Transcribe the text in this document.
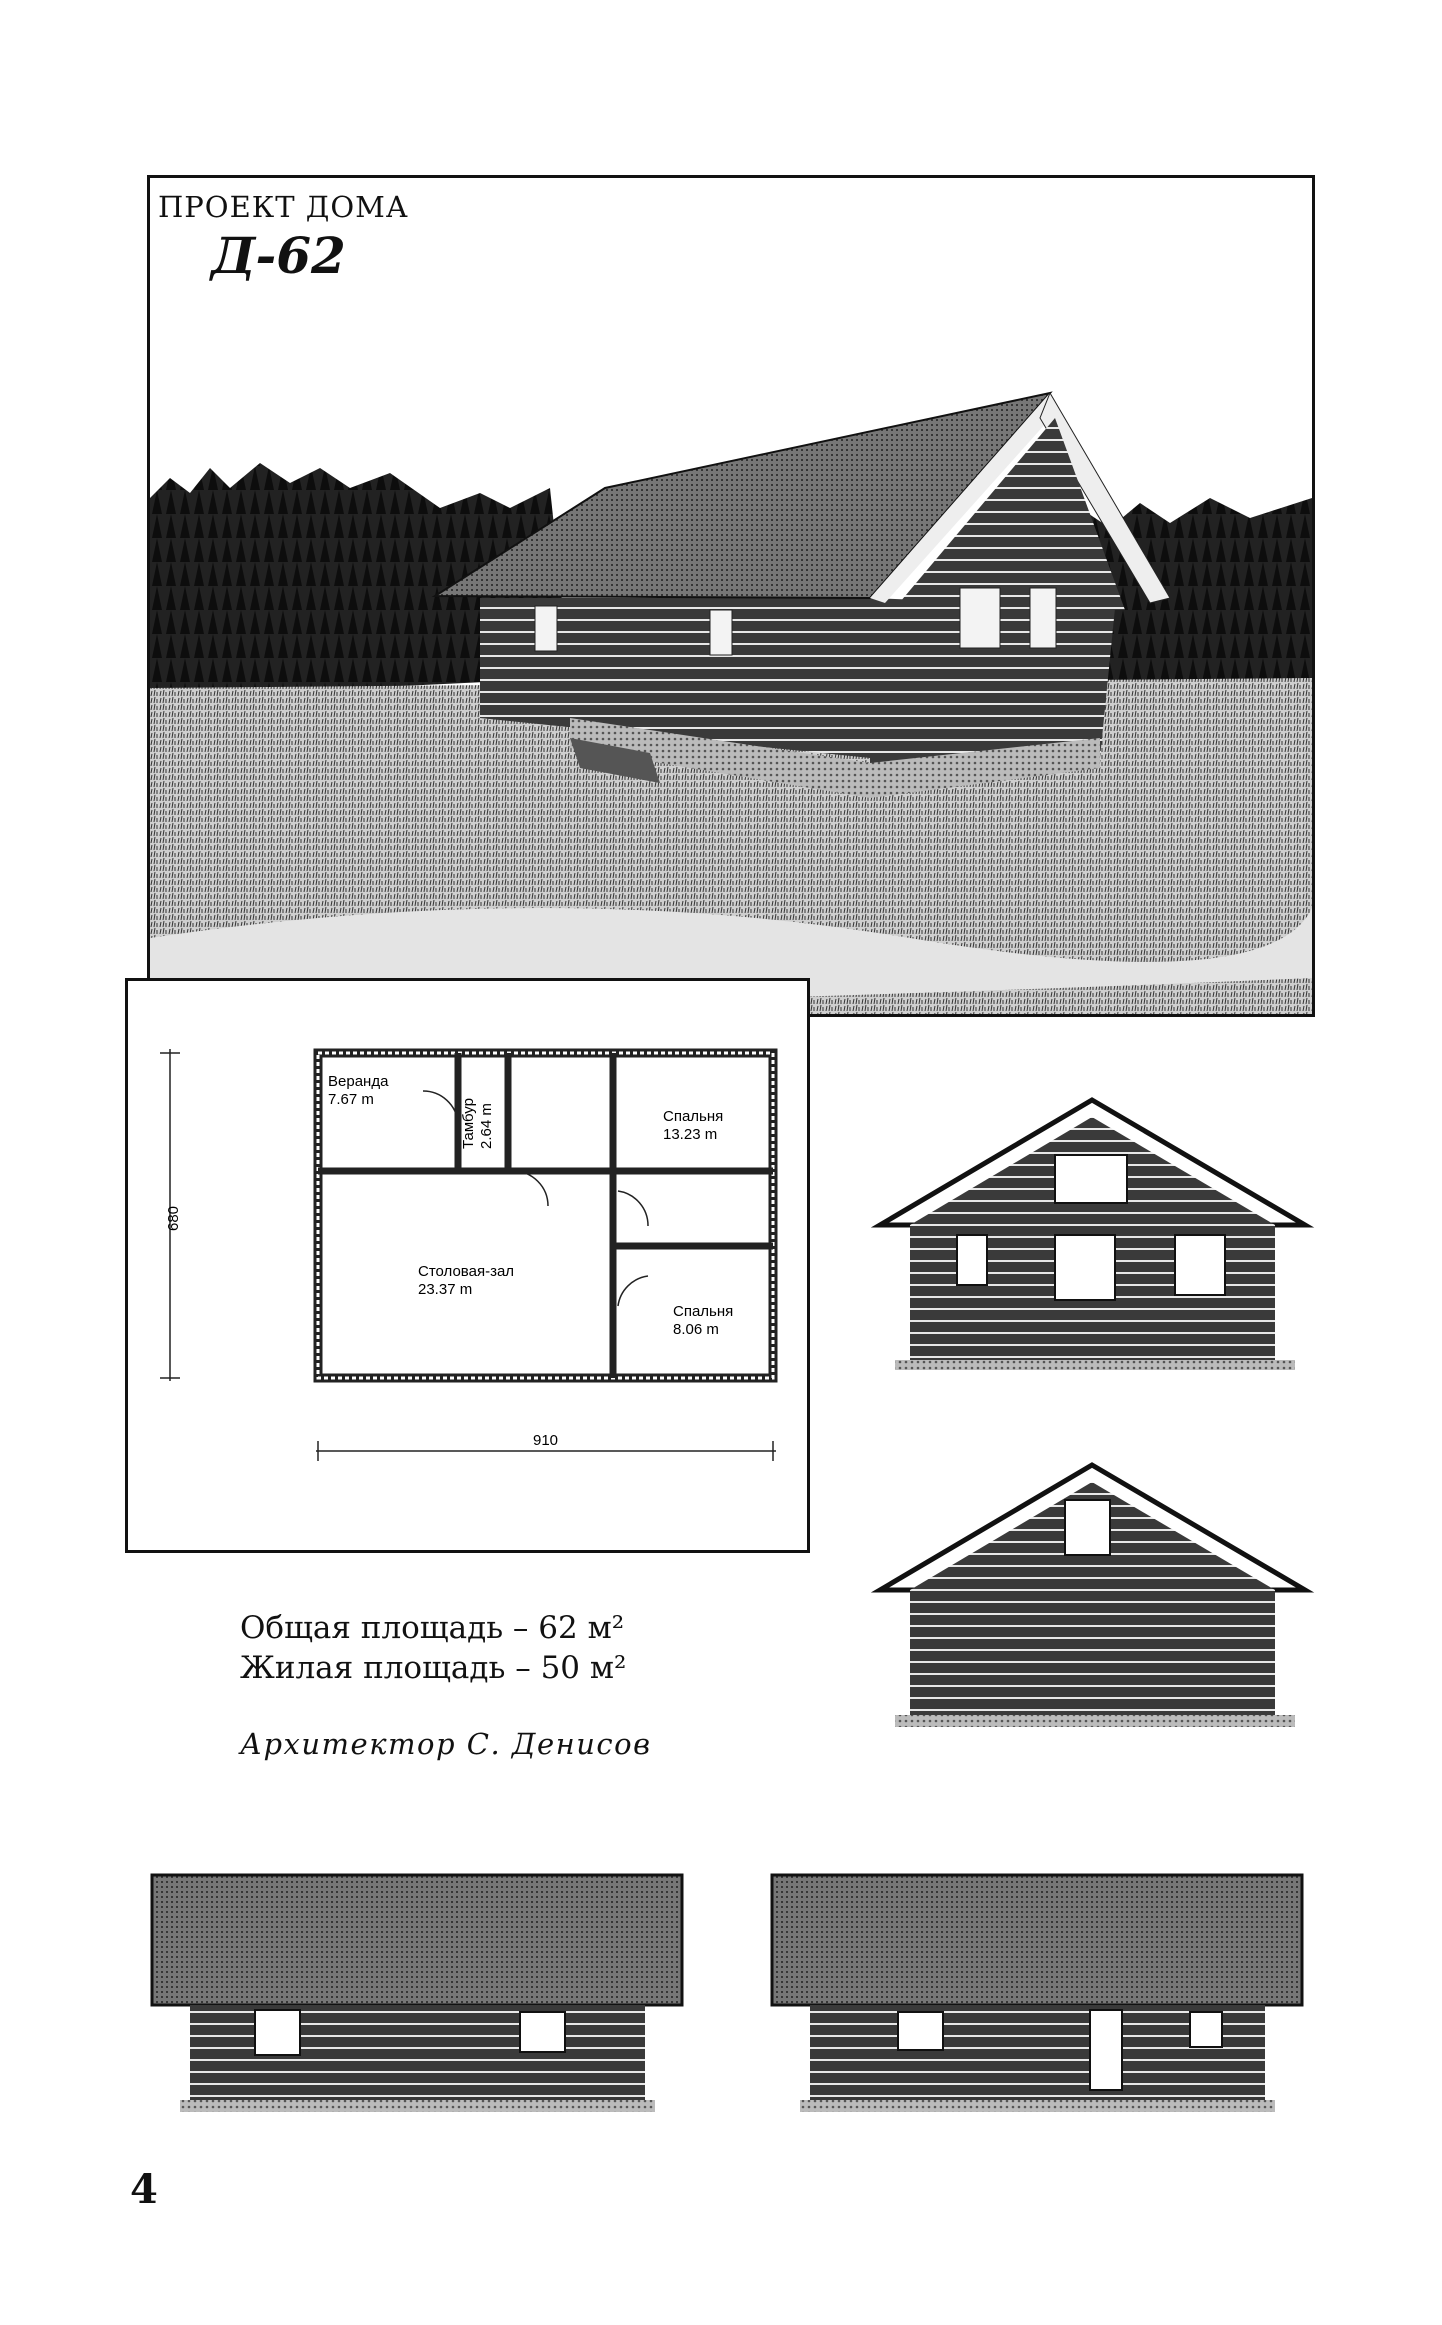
ПРОЕКТ ДОМА
Д-62
Веранда
7.67 m	Тамбур 2.64 m	Спальня
13.23 m
Столовая-зал
23.37 m
Спальня
8.06 m
680
910
Общая площадь – 62 м²
Жилая площадь – 50 м²
Архитектор С. Денисов
4
